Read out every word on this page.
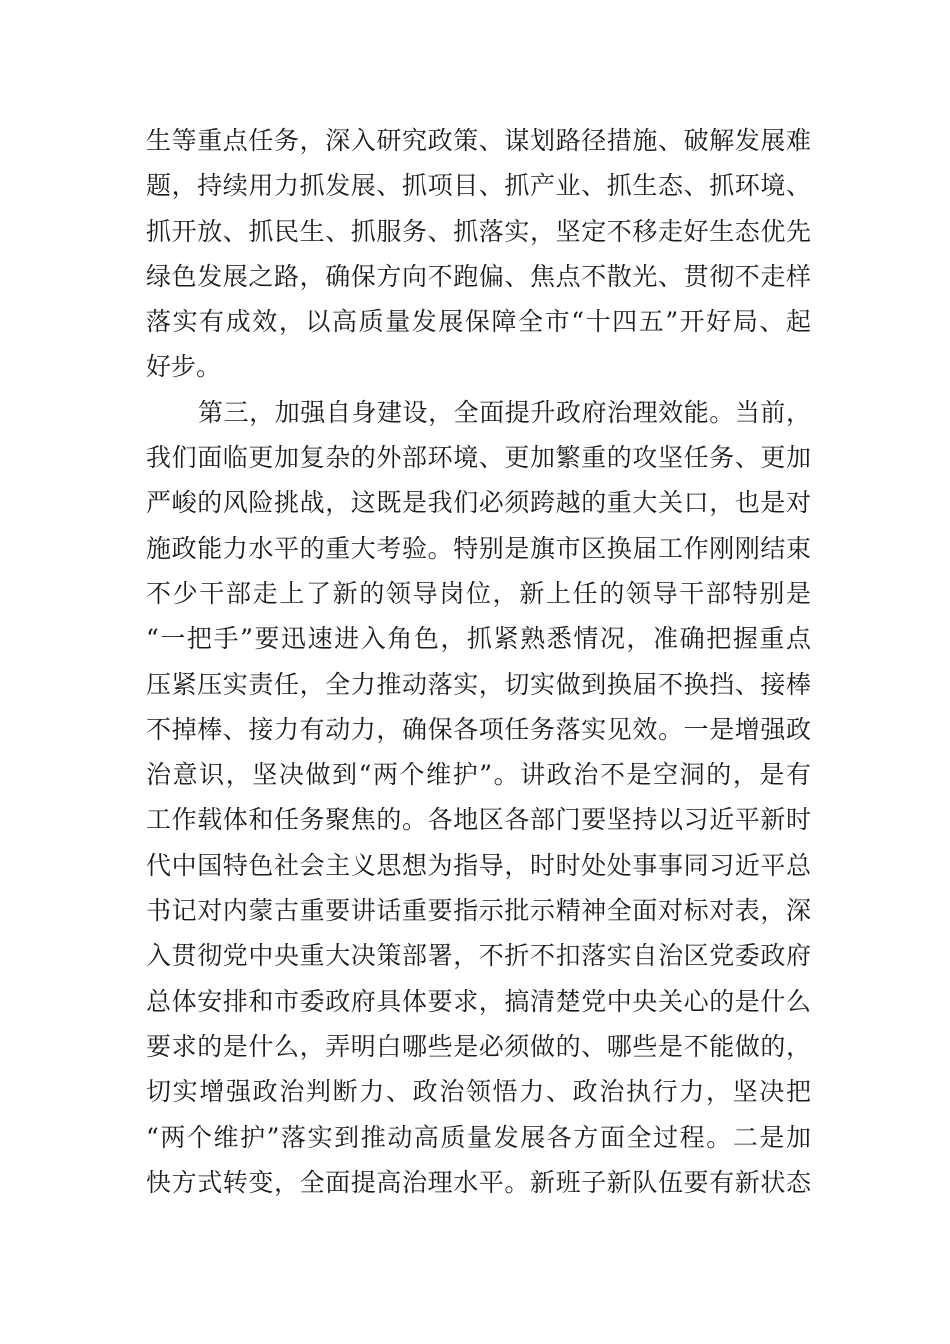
生等重点任务，深入研究政策、谋划路径措施、破解发展难
题，持续用力抓发展、抓项目、抓产业、抓生态、抓环境、
抓开放、抓民生、抓服务、抓落实，坚定不移走好生态优先
绿色发展之路，确保方向不跑偏、焦点不散光、贯彻不走样
落实有成效，以高质量发展保障全市“十四五”开好局、起
好步。
第三，加强自身建设，全面提升政府治理效能。当前，
我们面临更加复杂的外部环境、更加繁重的攻坚任务、更加
严峻的风险挑战，这既是我们必须跨越的重大关口，也是对
施政能力水平的重大考验。特别是旗市区换届工作刚刚结束
不少干部走上了新的领导岗位，新上任的领导干部特别是
“一把手”要迅速进入角色，抓紧熟悉情况，准确把握重点
压紧压实责任，全力推动落实，切实做到换届不换挡、接棒
不掉棒、接力有动力，确保各项任务落实见效。一是增强政
治意识，坚决做到“两个维护”。讲政治不是空洞的，是有
工作载体和任务聚焦的。各地区各部门要坚持以习近平新时
代中国特色社会主义思想为指导，时时处处事事同习近平总
书记对内蒙古重要讲话重要指示批示精神全面对标对表，深
入贯彻党中央重大决策部署，不折不扣落实自治区党委政府
总体安排和市委政府具体要求，搞清楚党中央关心的是什么
要求的是什么，弄明白哪些是必须做的、哪些是不能做的，
切实增强政治判断力、政治领悟力、政治执行力，坚决把
“两个维护”落实到推动高质量发展各方面全过程。二是加
快方式转变，全面提高治理水平。新班子新队伍要有新状态
